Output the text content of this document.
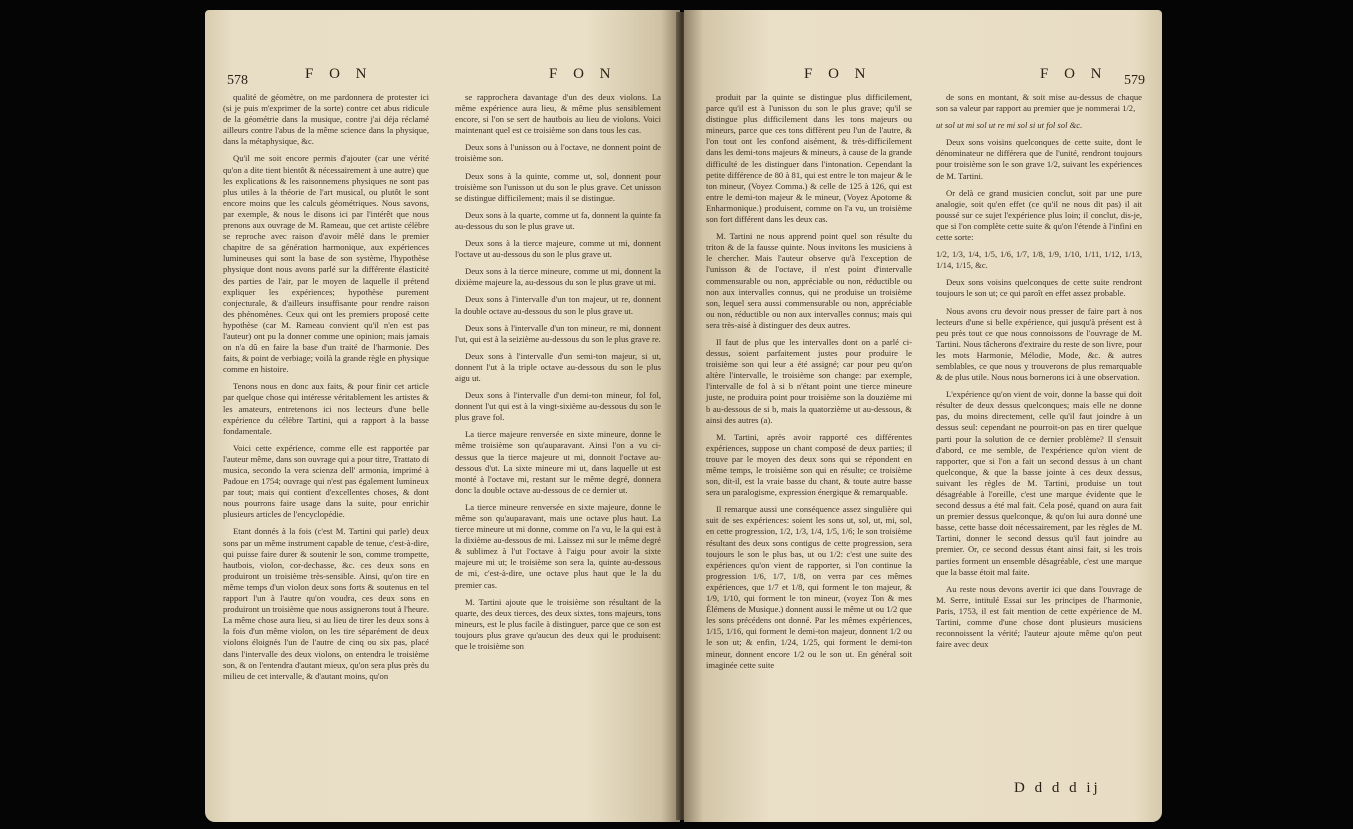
578	F O N	F O N

qualité de géomètre, on me pardonnera de protester ici (si je puis m'exprimer de la sorte) contre cet abus ridicule de la géométrie dans la musique, contre j'ai déja réclamé ailleurs contre l'abus de la même science dans la physique, dans la métaphysique, &c.

Qu'il me soit encore permis d'ajouter (car une vérité qu'on a dite tient bientôt & nécessairement à une autre) que les explications & les raisonnemens physiques ne sont pas plus utiles à la théorie de l'art musical, ou plutôt le sont encore moins que les calculs géométriques. Nous savons, par exemple, & nous le disons ici par l'intérêt que nous prenons aux ouvrage de M. Rameau, que cet artiste célèbre se reproche avec raison d'avoir mêlé dans le premier chapitre de sa génération harmonique, aux expériences lumineuses qui sont la base de son système, l'hypothèse physique dont nous avons parlé sur la différente élasticité des parties de l'air, par le moyen de laquelle il prétend expliquer les expériences; hypothèse purement conjecturale, & d'ailleurs insuffisante pour rendre raison des phénomènes. Ceux qui ont les premiers proposé cette hypothèse (car M. Rameau convient qu'il n'en est pas l'auteur) ont pu la donner comme une opinion; mais jamais on n'a dû en faire la base d'un traité de l'harmonie. Des faits, & point de verbiage; voilà la grande règle en physique comme en histoire.

Tenons nous en donc aux faits, & pour finir cet article par quelque chose qui intéresse véritablement les artistes & les amateurs, entretenons ici nos lecteurs d'une belle expérience du célèbre Tartini, qui a rapport à la basse fondamentale.

Voici cette expérience, comme elle est rapportée par l'auteur même, dans son ouvrage qui a pour titre, Trattato di musica, secondo la vera scienza dell' armonia, imprimé à Padoue en 1754; ouvrage qui n'est pas également lumineux par tout; mais qui contient d'excellentes choses, & dont nous pourrons faire usage dans la suite, pour enrichir plusieurs articles de l'encyclopédie.

Etant donnés à la fois (c'est M. Tartini qui parle) deux sons par un même instrument capable de tenue, c'est-à-dire, qui puisse faire durer & soutenir le son, comme trompette, hautbois, violon, cor-dechasse, &c. ces deux sons en produiront un troisième très-sensible. Ainsi, qu'on tire en même temps d'un violon deux sons forts & soutenus en tel rapport l'un à l'autre qu'on voudra, ces deux sons en produiront un troisième que nous assignerons tout à l'heure. La même chose aura lieu, si au lieu de tirer les deux sons à la fois d'un même violon, on les tire séparément de deux violons éloignés l'un de l'autre de cinq ou six pas, placé dans l'intervalle des deux violons, on entendra le troisième son, & on l'entendra d'autant mieux, qu'on sera plus près du milieu de cet intervalle, & d'autant moins, qu'on

se rapprochera davantage d'un des deux violons. La même expérience aura lieu, & même plus sensiblement encore, si l'on se sert de hautbois au lieu de violons. Voici maintenant quel est ce troisième son dans tous les cas.

Deux sons à l'unisson ou à l'octave, ne donnent point de troisième son.

Deux sons à la quinte, comme ut, sol, donnent pour troisième son l'unisson ut du son le plus grave. Cet unisson se distingue difficilement; mais il se distingue.

Deux sons à la quarte, comme ut fa, donnent la quinte fa au-dessous du son le plus grave ut.

Deux sons à la tierce majeure, comme ut mi, donnent l'octave ut au-dessous du son le plus grave ut.

Deux sons à la tierce mineure, comme ut mi, donnent la dixième majeure la, au-dessous du son le plus grave ut mi.

Deux sons à l'intervalle d'un ton majeur, ut re, donnent la double octave au-dessous du son le plus grave ut.

Deux sons à l'intervalle d'un ton mineur, re mi, donnent l'ut, qui est à la seizième au-dessous du son le plus grave re.

Deux sons à l'intervalle d'un semi-ton majeur, si ut, donnent l'ut à la triple octave au-dessous du son le plus aigu ut.

Deux sons à l'intervalle d'un demi-ton mineur, fol fol, donnent l'ut qui est à la vingt-sixième au-dessous du son le plus grave fol.

La tierce majeure renversée en sixte mineure, donne le même troisième son qu'auparavant. Ainsi l'on a vu ci-dessus que la tierce majeure ut mi, donnoit l'octave au-dessous d'ut. La sixte mineure mi ut, dans laquelle ut est monté à l'octave mi, restant sur le même degré, donnera donc la double octave au-dessous de ce dernier ut.

La tierce mineure renversée en sixte majeure, donne le même son qu'auparavant, mais une octave plus haut. La tierce mineure ut mi donne, comme on l'a vu, le la qui est à la dixième au-dessous de mi. Laissez mi sur le même degré & sublimez à l'ut l'octave à l'aigu pour avoir la sixte majeure mi ut; le troisième son sera la, quinte au-dessous de mi, c'est-à-dire, une octave plus haut que le la du premier cas.

M. Tartini ajoute que le troisième son résultant de la quarte, des deux tierces, des deux sixtes, tons majeurs, tons mineurs, est le plus facile à distinguer, parce que ce son est toujours plus grave qu'aucun des deux qui le produisent: que le troisième son

F O N	F O N 579

produit par la quinte se distingue plus difficilement, parce qu'il est à l'unisson du son le plus grave; qu'il se distingue plus difficilement dans les tons majeurs ou mineurs, parce que ces tons diffèrent peu l'un de l'autre, & l'on tout ont les confond aisément, & très-difficilement dans les demi-tons majeurs & mineurs, à cause de la grande difficulté de les distinguer dans l'intonation. Cependant la petite différence de 80 à 81, qui est entre le ton majeur & le ton mineur, (Voyez Comma.) & celle de 125 à 126, qui est entre le demi-ton majeur & le mineur, (Voyez Apotome & Enharmonique.) produisent, comme on l'a vu, un troisième son fort différent dans les deux cas.

M. Tartini ne nous apprend point quel son résulte du triton & de la fausse quinte. Nous invitons les musiciens à le chercher. Mais l'auteur observe qu'à l'exception de l'unisson & de l'octave, il n'est point d'intervalle commensurable ou non, appréciable ou non, réductible ou non aux intervalles connus, qui ne produise un troisième son, lequel sera aussi commensurable ou non, appréciable ou non, réductible ou non aux intervalles connus; mais qui sera très-aisé à distinguer des deux autres.

Il faut de plus que les intervalles dont on a parlé ci-dessus, soient parfaitement justes pour produire le troisième son qui leur a été assigné; car pour peu qu'on altère l'intervalle, le troisième son change: par exemple, l'intervalle de fol à si b n'étant point une tierce mineure juste, ne produira point pour troisième son la douzième mi b au-dessous de si b, mais la quatorzième ut au-dessous, & ainsi des autres (a).

M. Tartini, après avoir rapporté ces différentes expériences, suppose un chant composé de deux parties; il trouve par le moyen des deux sons qui se répondent en même temps, le troisième son qui en résulte; ce troisième son, dit-il, est la vraie basse du chant, & toute autre basse sera un paralogisme, expression énergique & remarquable.

Il remarque aussi une conséquence assez singulière qui suit de ses expériences: soient les sons ut, sol, ut, mi, sol, en cette progression, 1/2, 1/3, 1/4, 1/5, 1/6; le son troisième résultant des deux sons contigus de cette progression, sera toujours le son le plus bas, ut ou 1/2: c'est une suite des expériences qu'on vient de rapporter, si l'on continue la progression 1/6, 1/7, 1/8, on verra par ces mêmes expériences, que 1/7 et 1/8, qui forment le ton majeur, & 1/9, 1/10, qui forment le ton mineur, (voyez Ton & mes Élémens de Musique.) donnent aussi le même ut ou 1/2 que les sons précédens ont donné. Par les mêmes expériences, 1/15, 1/16, qui forment le demi-ton majeur, donnent 1/2 ou le son ut; & enfin, 1/24, 1/25, qui forment le demi-ton mineur, donnent encore 1/2 ou le son ut. En général soit imaginée cette suite

de sons en montant, & soit mise au-dessus de chaque son sa valeur par rapport au premier que je nommerai 1/2,

ut sol ut mi sol ut re mi sol si ut fol sol &c.

Deux sons voisins quelconques de cette suite, dont le dénominateur ne différera que de l'unité, rendront toujours pour troisième son le son grave 1/2, suivant les expériences de M. Tartini.

Or delà ce grand musicien conclut, soit par une pure analogie, soit qu'en effet (ce qu'il ne nous dit pas) il ait poussé sur ce sujet l'expérience plus loin; il conclut, dis-je, que si l'on complète cette suite & qu'on l'étende à l'infini en cette sorte:

1/2, 1/3, 1/4, 1/5, 1/6, 1/7, 1/8, 1/9, 1/10, 1/11, 1/12, 1/13, 1/14, 1/15, &c.

Deux sons voisins quelconques de cette suite rendront toujours le son ut; ce qui paroît en effet assez probable.

Nous avons cru devoir nous presser de faire part à nos lecteurs d'une si belle expérience, qui jusqu'à présent est à peu près tout ce que nous connoissons de l'ouvrage de M. Tartini. Nous tâcherons d'extraire du reste de son livre, pour les mots Harmonie, Mélodie, Mode, &c. & autres semblables, ce que nous y trouverons de plus remarquable & de plus utile. Nous nous bornerons ici à une observation.

L'expérience qu'on vient de voir, donne la basse qui doit résulter de deux dessus quelconques; mais elle ne donne pas, du moins directement, celle qu'il faut joindre à un dessus seul: cependant ne pourroit-on pas en tirer quelque parti pour la solution de ce dernier problème? Il s'ensuit d'abord, ce me semble, de l'expérience qu'on vient de rapporter, que si l'on a fait un second dessus à un chant quelconque, & que la basse jointe à ces deux dessus, suivant les règles de M. Tartini, produise un tout désagréable à l'oreille, c'est une marque évidente que le second dessus a été mal fait. Cela posé, quand on aura fait un premier dessus quelconque, & qu'on lui aura donné une basse, cette basse doit nécessairement, par les règles de M. Tartini, donner le second dessus qu'il faut joindre au premier. Or, ce second dessus étant ainsi fait, si les trois parties forment un ensemble désagréable, c'est une marque que la basse étoit mal faite.

Au reste nous devons avertir ici que dans l'ouvrage de M. Serre, intitulé Essai sur les principes de l'harmonie, Paris, 1753, il est fait mention de cette expérience de M. Tartini, comme d'une chose dont plusieurs musiciens reconnoissent la vérité; l'auteur ajoute même qu'on peut faire avec deux

D d d d ij
